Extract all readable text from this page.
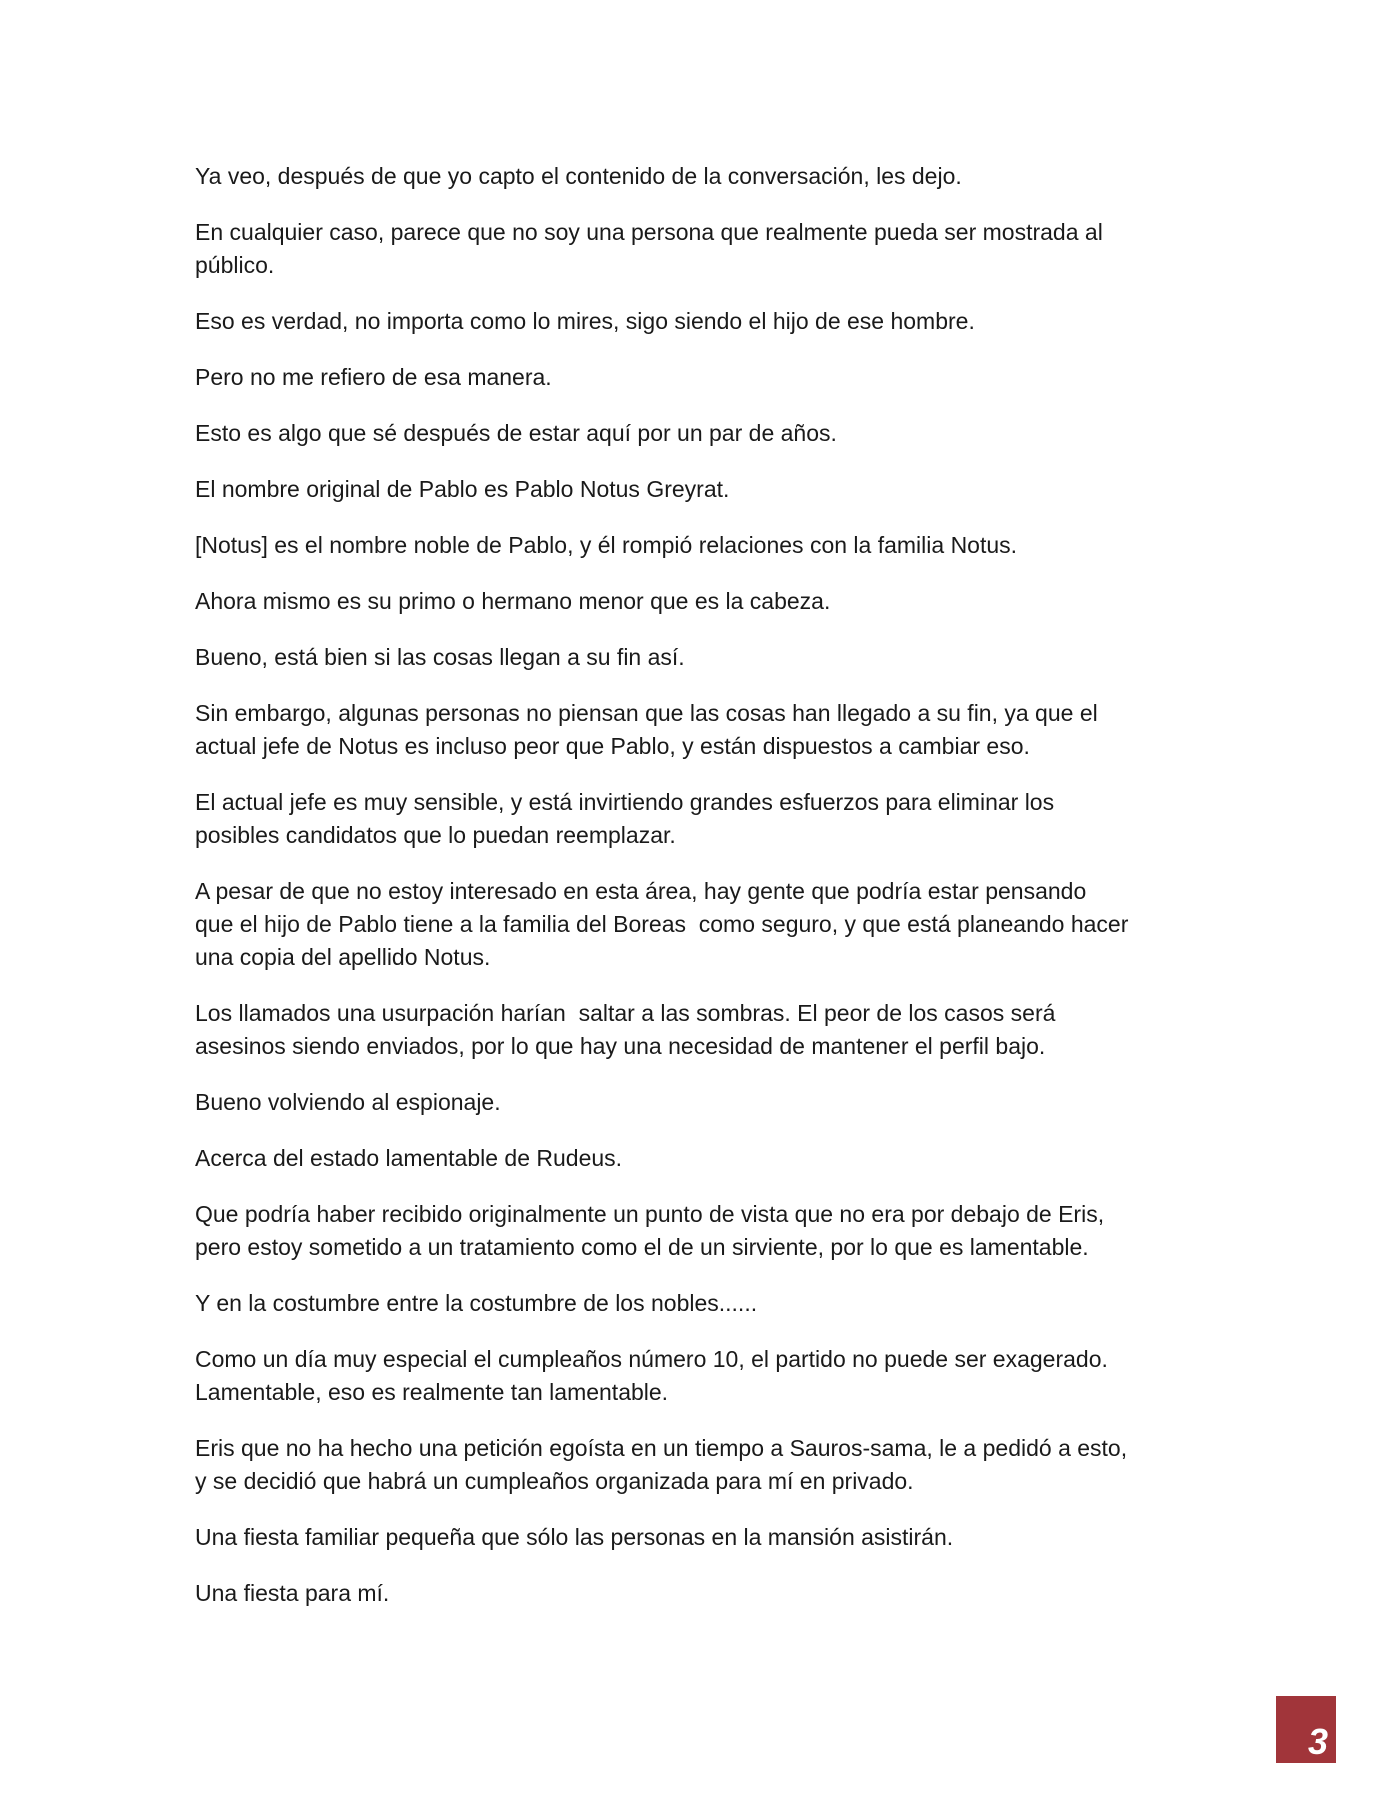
Ya veo, después de que yo capto el contenido de la conversación, les dejo.

En cualquier caso, parece que no soy una persona que realmente pueda ser mostrada al
público.

Eso es verdad, no importa como lo mires, sigo siendo el hijo de ese hombre.

Pero no me refiero de esa manera.

Esto es algo que sé después de estar aquí por un par de años.

El nombre original de Pablo es Pablo Notus Greyrat.

[Notus] es el nombre noble de Pablo, y él rompió relaciones con la familia Notus.

Ahora mismo es su primo o hermano menor que es la cabeza.

Bueno, está bien si las cosas llegan a su fin así.

Sin embargo, algunas personas no piensan que las cosas han llegado a su fin, ya que el
actual jefe de Notus es incluso peor que Pablo, y están dispuestos a cambiar eso.

El actual jefe es muy sensible, y está invirtiendo grandes esfuerzos para eliminar los
posibles candidatos que lo puedan reemplazar.

A pesar de que no estoy interesado en esta área, hay gente que podría estar pensando
que el hijo de Pablo tiene a la familia del Boreas  como seguro, y que está planeando hacer
una copia del apellido Notus.

Los llamados una usurpación harían  saltar a las sombras. El peor de los casos será
asesinos siendo enviados, por lo que hay una necesidad de mantener el perfil bajo.

Bueno volviendo al espionaje.

Acerca del estado lamentable de Rudeus.

Que podría haber recibido originalmente un punto de vista que no era por debajo de Eris,
pero estoy sometido a un tratamiento como el de un sirviente, por lo que es lamentable.

Y en la costumbre entre la costumbre de los nobles......

Como un día muy especial el cumpleaños número 10, el partido no puede ser exagerado.
Lamentable, eso es realmente tan lamentable.

Eris que no ha hecho una petición egoísta en un tiempo a Sauros-sama, le a pedidó a esto,
y se decidió que habrá un cumpleaños organizada para mí en privado.

Una fiesta familiar pequeña que sólo las personas en la mansión asistirán.

Una fiesta para mí.

3
